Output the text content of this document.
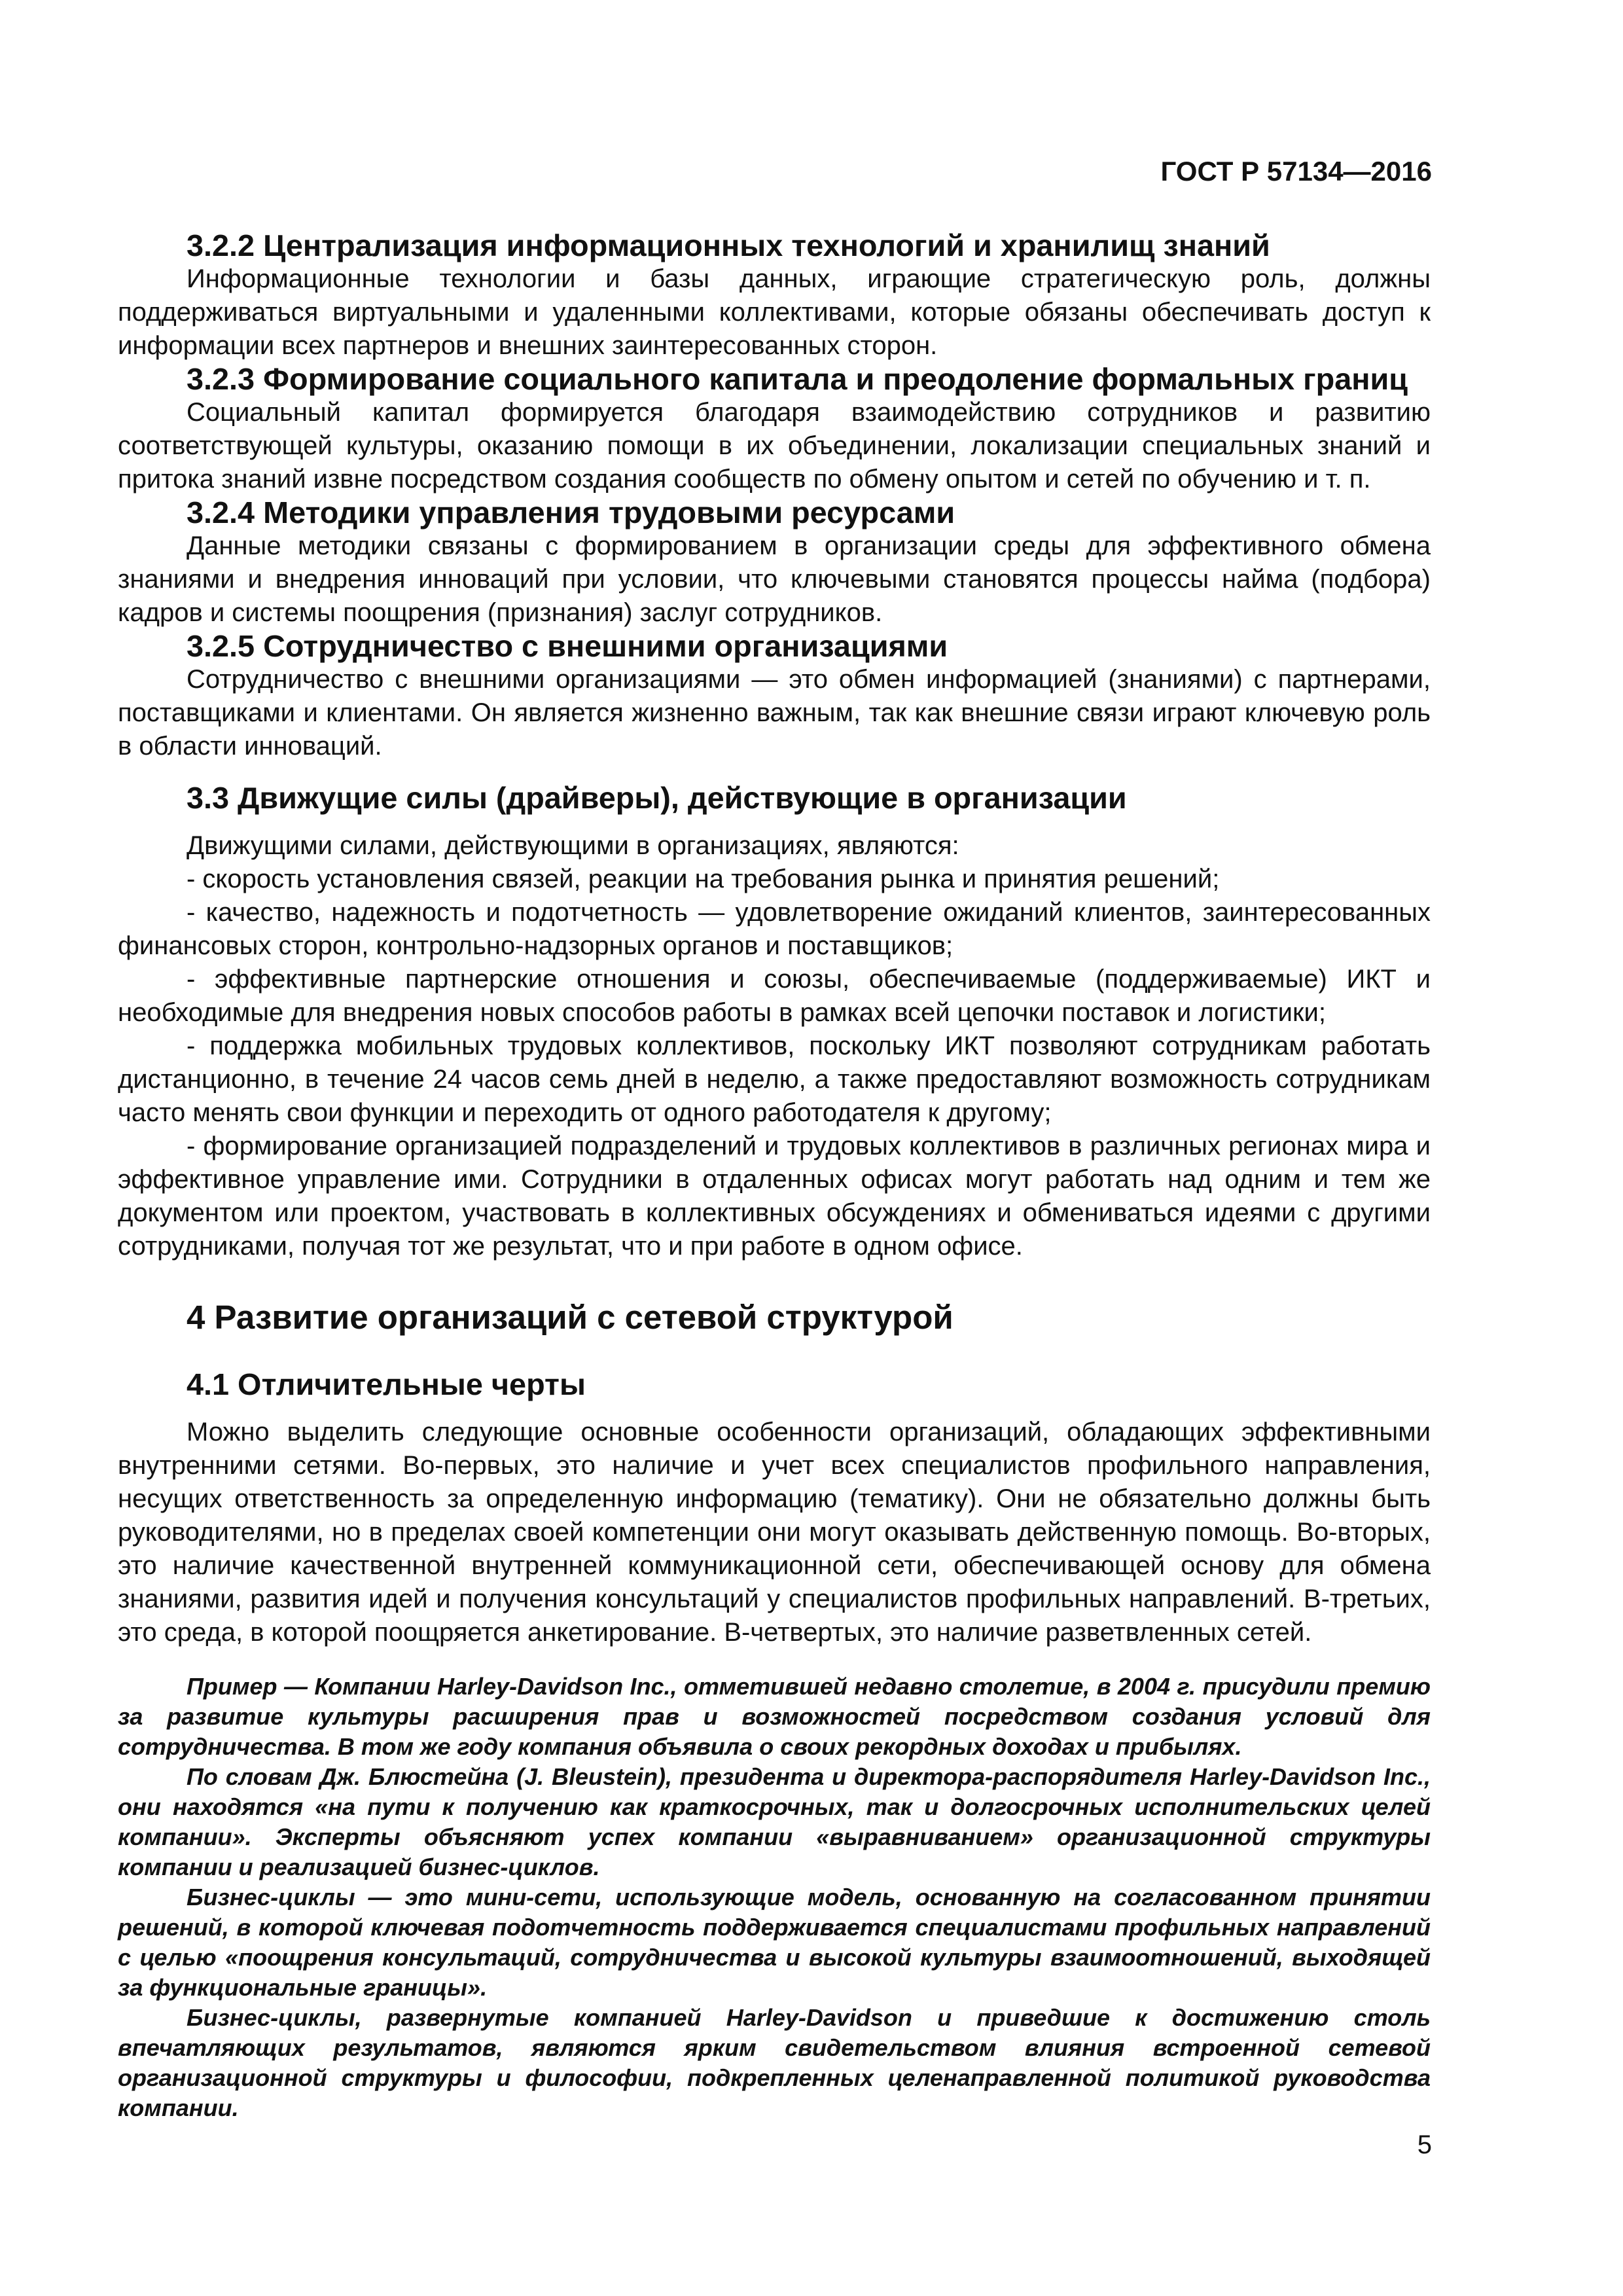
ГОСТ Р 57134—2016

3.2.2 Централизация информационных технологий и хранилищ знаний

Информационные технологии и базы данных, играющие стратегическую роль, должны поддерживаться виртуальными и удаленными коллективами, которые обязаны обеспечивать доступ к информации всех партнеров и внешних заинтересованных сторон.

3.2.3 Формирование социального капитала и преодоление формальных границ

Социальный капитал формируется благодаря взаимодействию сотрудников и развитию соответствующей культуры, оказанию помощи в их объединении, локализации специальных знаний и притока знаний извне посредством создания сообществ по обмену опытом и сетей по обучению и т. п.

3.2.4 Методики управления трудовыми ресурсами

Данные методики связаны с формированием в организации среды для эффективного обмена знаниями и внедрения инноваций при условии, что ключевыми становятся процессы найма (подбора) кадров и системы поощрения (признания) заслуг сотрудников.

3.2.5 Сотрудничество с внешними организациями

Сотрудничество с внешними организациями — это обмен информацией (знаниями) с партнерами, поставщиками и клиентами. Он является жизненно важным, так как внешние связи играют ключевую роль в области инноваций.

3.3 Движущие силы (драйверы), действующие в организации

Движущими силами, действующими в организациях, являются:

- скорость установления связей, реакции на требования рынка и принятия решений;

- качество, надежность и подотчетность — удовлетворение ожиданий клиентов, заинтересованных финансовых сторон, контрольно-надзорных органов и поставщиков;

- эффективные партнерские отношения и союзы, обеспечиваемые (поддерживаемые) ИКТ и необходимые для внедрения новых способов работы в рамках всей цепочки поставок и логистики;

- поддержка мобильных трудовых коллективов, поскольку ИКТ позволяют сотрудникам работать дистанционно, в течение 24 часов семь дней в неделю, а также предоставляют возможность сотрудникам часто менять свои функции и переходить от одного работодателя к другому;

- формирование организацией подразделений и трудовых коллективов в различных регионах мира и эффективное управление ими. Сотрудники в отдаленных офисах могут работать над одним и тем же документом или проектом, участвовать в коллективных обсуждениях и обмениваться идеями с другими сотрудниками, получая тот же результат, что и при работе в одном офисе.

4 Развитие организаций с сетевой структурой
4.1 Отличительные черты

Можно выделить следующие основные особенности организаций, обладающих эффективными внутренними сетями. Во-первых, это наличие и учет всех специалистов профильного направления, несущих ответственность за определенную информацию (тематику). Они не обязательно должны быть руководителями, но в пределах своей компетенции они могут оказывать действенную помощь. Во-вторых, это наличие качественной внутренней коммуникационной сети, обеспечивающей основу для обмена знаниями, развития идей и получения консультаций у специалистов профильных направлений. В-третьих, это среда, в которой поощряется анкетирование. В-четвертых, это наличие разветвленных сетей.

Пример — Компании Harley-Davidson Inc., отметившей недавно столетие, в 2004 г. присудили премию за развитие культуры расширения прав и возможностей посредством создания условий для сотрудничества. В том же году компания объявила о своих рекордных доходах и прибылях.

По словам Дж. Блюстейна (J. Bleustein), президента и директора-распорядителя Harley-Davidson Inc., они находятся «на пути к получению как краткосрочных, так и долгосрочных исполнительских целей компании». Эксперты объясняют успех компании «выравниванием» организационной структуры компании и реализацией бизнес-циклов.

Бизнес-циклы — это мини-сети, использующие модель, основанную на согласованном принятии решений, в которой ключевая подотчетность поддерживается специалистами профильных направлений с целью «поощрения консультаций, сотрудничества и высокой культуры взаимоотношений, выходящей за функциональные границы».

Бизнес-циклы, развернутые компанией Harley-Davidson и приведшие к достижению столь впечатляющих результатов, являются ярким свидетельством влияния встроенной сетевой организационной структуры и философии, подкрепленных целенаправленной политикой руководства компании.

5
